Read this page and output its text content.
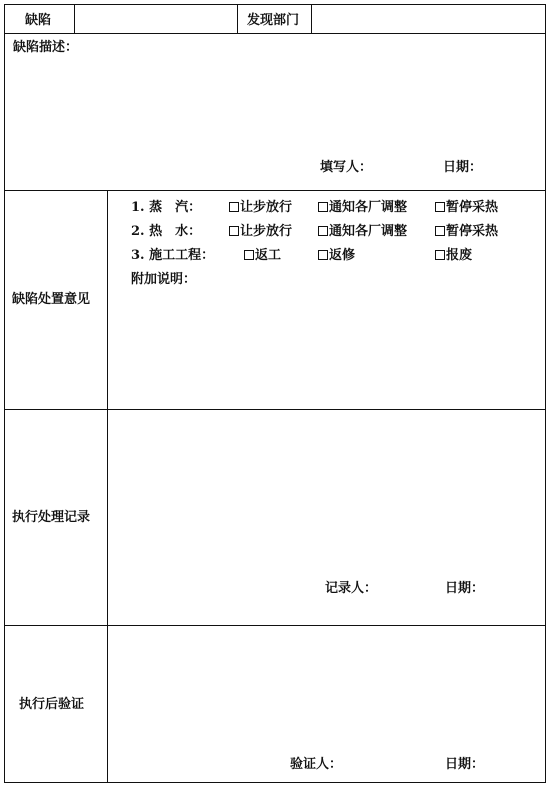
缺陷	发现部门
缺陷描述：
填写人：	日期：
缺陷处置意见
1. 蒸　汽：	让步放行	通知各厂调整	暂停采热
2. 热　水：	让步放行	通知各厂调整	暂停采热
3. 施工工程：	返工	返修	报废
附加说明：
执行处理记录
记录人：	日期：
执行后验证
验证人：	日期：
